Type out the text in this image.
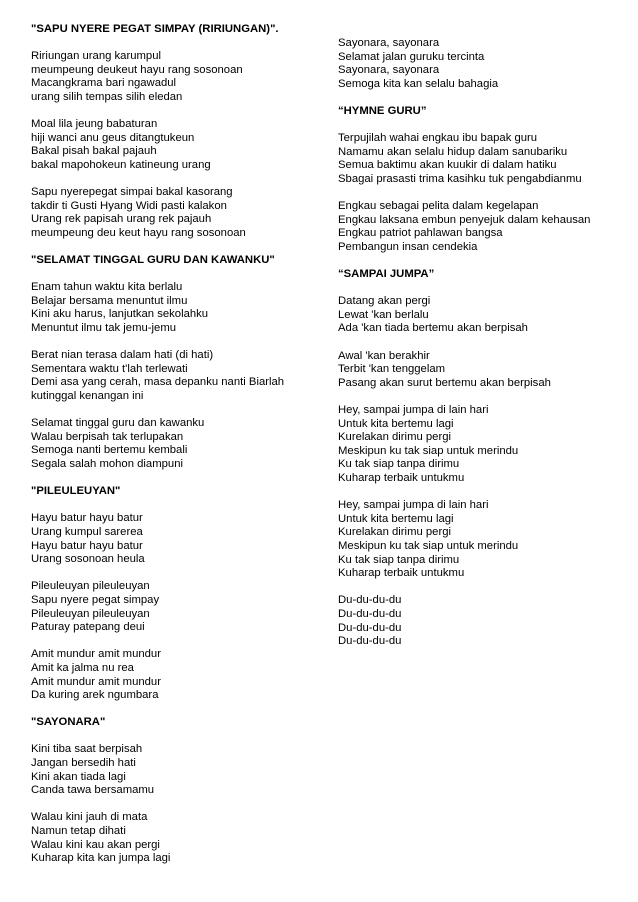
"SAPU NYERE PEGAT SIMPAY (RIRIUNGAN)".
Ririungan urang karumpul
meumpeung deukeut hayu rang sosonoan
Macangkrama bari ngawadul
urang silih tempas silih eledan
Moal lila jeung babaturan
hiji wanci anu geus ditangtukeun
Bakal pisah bakal pajauh
bakal mapohokeun katineung urang
Sapu nyerepegat simpai bakal kasorang
takdir ti Gusti Hyang Widi pasti kalakon
Urang rek papisah urang rek pajauh
meumpeung deu keut hayu rang sosonoan
"SELAMAT TINGGAL GURU DAN KAWANKU"
Enam tahun waktu kita berlalu
Belajar bersama menuntut ilmu
Kini aku harus, lanjutkan sekolahku
Menuntut ilmu tak jemu-jemu
Berat nian terasa dalam hati (di hati)
Sementara waktu t'lah terlewati
Demi asa yang cerah, masa depanku nanti Biarlah
kutinggal kenangan ini
Selamat tinggal guru dan kawanku
Walau berpisah tak terlupakan
Semoga nanti bertemu kembali
Segala salah mohon diampuni
"PILEULEUYAN"
Hayu batur hayu batur
Urang kumpul sarerea
Hayu batur hayu batur
Urang sosonoan heula
Pileuleuyan pileuleuyan
Sapu nyere pegat simpay
Pileuleuyan pileuleuyan
Paturay patepang deui
Amit mundur amit mundur
Amit ka jalma nu rea
Amit mundur amit mundur
Da kuring arek ngumbara
"SAYONARA"
Kini tiba saat berpisah
Jangan bersedih hati
Kini akan tiada lagi
Canda tawa bersamamu
Walau kini jauh di mata
Namun tetap dihati
Walau kini kau akan pergi
Kuharap kita kan jumpa lagi
Sayonara, sayonara
Selamat jalan guruku tercinta
Sayonara, sayonara
Semoga kita kan selalu bahagia
“HYMNE GURU”
Terpujilah wahai engkau ibu bapak guru
Namamu akan selalu hidup dalam sanubariku
Semua baktimu akan kuukir di dalam hatiku
Sbagai prasasti trima kasihku tuk pengabdianmu
Engkau sebagai pelita dalam kegelapan
Engkau laksana embun penyejuk dalam kehausan
Engkau patriot pahlawan bangsa
Pembangun insan cendekia
“SAMPAI JUMPA”
Datang akan pergi
Lewat 'kan berlalu
Ada 'kan tiada bertemu akan berpisah
Awal 'kan berakhir
Terbit 'kan tenggelam
Pasang akan surut bertemu akan berpisah
Hey, sampai jumpa di lain hari
Untuk kita bertemu lagi
Kurelakan dirimu pergi
Meskipun ku tak siap untuk merindu
Ku tak siap tanpa dirimu
Kuharap terbaik untukmu
Hey, sampai jumpa di lain hari
Untuk kita bertemu lagi
Kurelakan dirimu pergi
Meskipun ku tak siap untuk merindu
Ku tak siap tanpa dirimu
Kuharap terbaik untukmu
Du-du-du-du
Du-du-du-du
Du-du-du-du
Du-du-du-du
